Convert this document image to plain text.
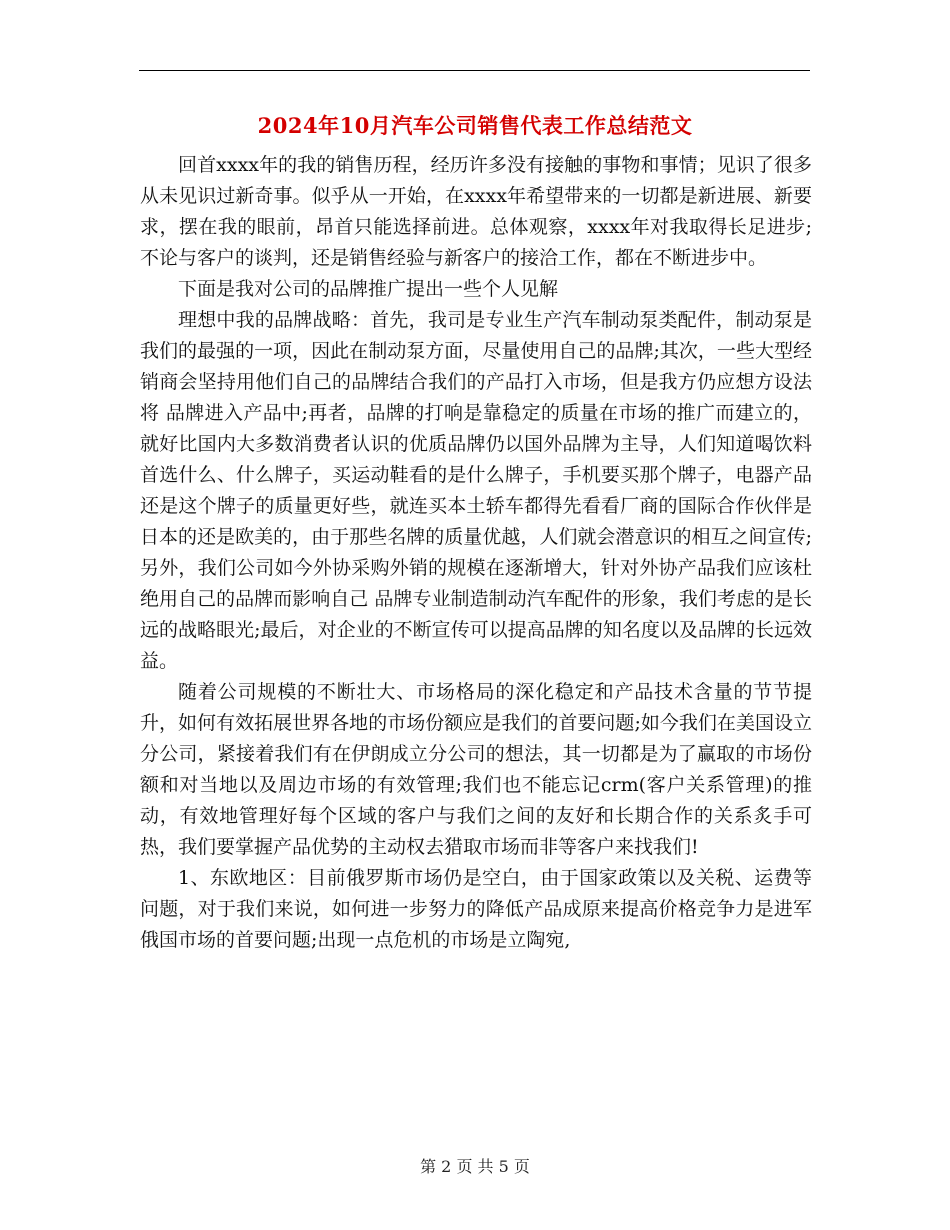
2024年10月汽车公司销售代表工作总结范文

回首xxxx年的我的销售历程，经历许多没有接触的事物和事情；见识了很多从未见识过新奇事。似乎从一开始，在xxxx年希望带来的一切都是新进展、新要求，摆在我的眼前，昂首只能选择前进。总体观察，xxxx年对我取得长足进步;不论与客户的谈判，还是销售经验与新客户的接洽工作，都在不断进步中。

下面是我对公司的品牌推广提出一些个人见解

理想中我的品牌战略：首先，我司是专业生产汽车制动泵类配件，制动泵是我们的最强的一项，因此在制动泵方面，尽量使用自己的品牌;其次，一些大型经销商会坚持用他们自己的品牌结合我们的产品打入市场，但是我方仍应想方设法将 品牌进入产品中;再者，品牌的打响是靠稳定的质量在市场的推广而建立的，就好比国内大多数消费者认识的优质品牌仍以国外品牌为主导，人们知道喝饮料首选什么、什么牌子，买运动鞋看的是什么牌子，手机要买那个牌子，电器产品还是这个牌子的质量更好些，就连买本土轿车都得先看看厂商的国际合作伙伴是日本的还是欧美的，由于那些名牌的质量优越，人们就会潜意识的相互之间宣传;另外，我们公司如今外协采购外销的规模在逐渐增大，针对外协产品我们应该杜绝用自己的品牌而影响自己 品牌专业制造制动汽车配件的形象，我们考虑的是长远的战略眼光;最后，对企业的不断宣传可以提高品牌的知名度以及品牌的长远效益。

随着公司规模的不断壮大、市场格局的深化稳定和产品技术含量的节节提升，如何有效拓展世界各地的市场份额应是我们的首要问题;如今我们在美国设立分公司，紧接着我们有在伊朗成立分公司的想法，其一切都是为了赢取的市场份额和对当地以及周边市场的有效管理;我们也不能忘记crm(客户关系管理)的推动，有效地管理好每个区域的客户与我们之间的友好和长期合作的关系炙手可热，我们要掌握产品优势的主动权去猎取市场而非等客户来找我们!

1、东欧地区：目前俄罗斯市场仍是空白，由于国家政策以及关税、运费等问题，对于我们来说，如何进一步努力的降低产品成原来提高价格竞争力是进军俄国市场的首要问题;出现一点危机的市场是立陶宛,

第 2 页 共 5 页
